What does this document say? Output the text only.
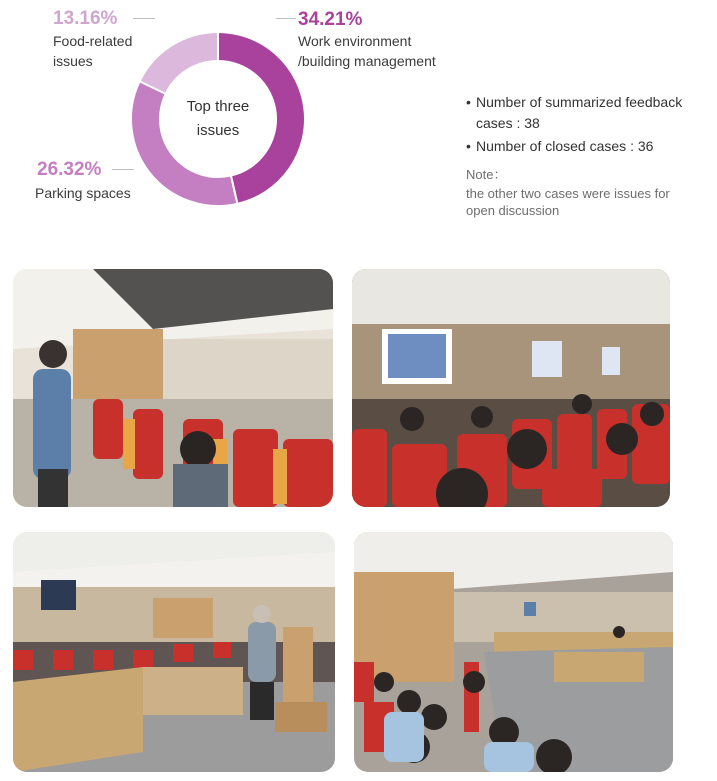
Top three
issues
34.21%
Work environment
/building management
26.32%
Parking spaces
13.16%
Food-related
issues
• Number of summarized feedback
cases : 38
• Number of closed cases : 36
Note：
the other two cases were issues for
open discussion
